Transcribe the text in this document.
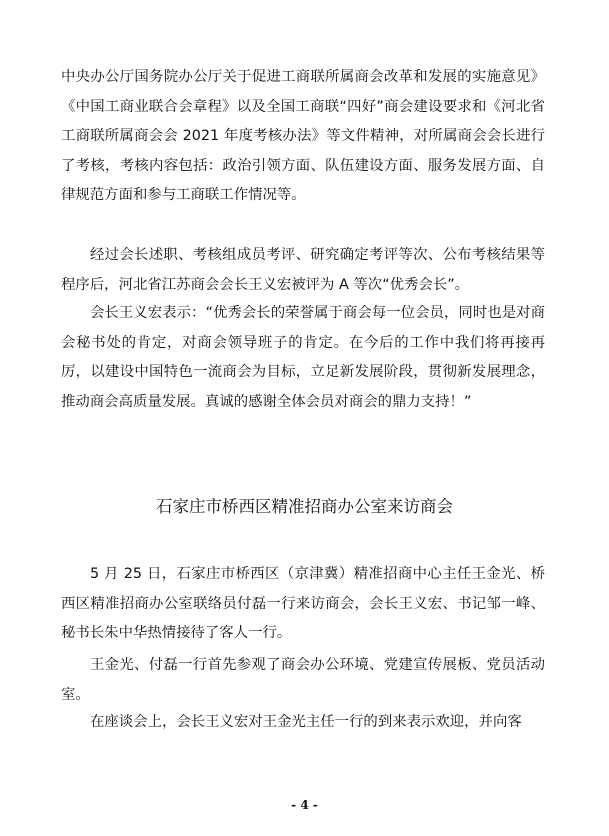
中央办公厅国务院办公厅关于促进工商联所属商会改革和发展的实施意见》《中国工商业联合会章程》以及全国工商联“四好”商会建设要求和《河北省工商联所属商会会 2021 年度考核办法》等文件精神，对所属商会会长进行了考核，考核内容包括：政治引领方面、队伍建设方面、服务发展方面、自律规范方面和参与工商联工作情况等。

经过会长述职、考核组成员考评、研究确定考评等次、公布考核结果等程序后，河北省江苏商会会长王义宏被评为 A 等次“优秀会长”。

会长王义宏表示：“优秀会长的荣誉属于商会每一位会员，同时也是对商会秘书处的肯定，对商会领导班子的肯定。在今后的工作中我们将再接再厉，以建设中国特色一流商会为目标，立足新发展阶段，贯彻新发展理念，推动商会高质量发展。真诚的感谢全体会员对商会的鼎力支持！”

石家庄市桥西区精准招商办公室来访商会

5 月 25 日，石家庄市桥西区（京津冀）精准招商中心主任王金光、桥西区精准招商办公室联络员付磊一行来访商会，会长王义宏、书记邹一峰、秘书长朱中华热情接待了客人一行。

王金光、付磊一行首先参观了商会办公环境、党建宣传展板、党员活动室。

在座谈会上，会长王义宏对王金光主任一行的到来表示欢迎，并向客

- 4 -
